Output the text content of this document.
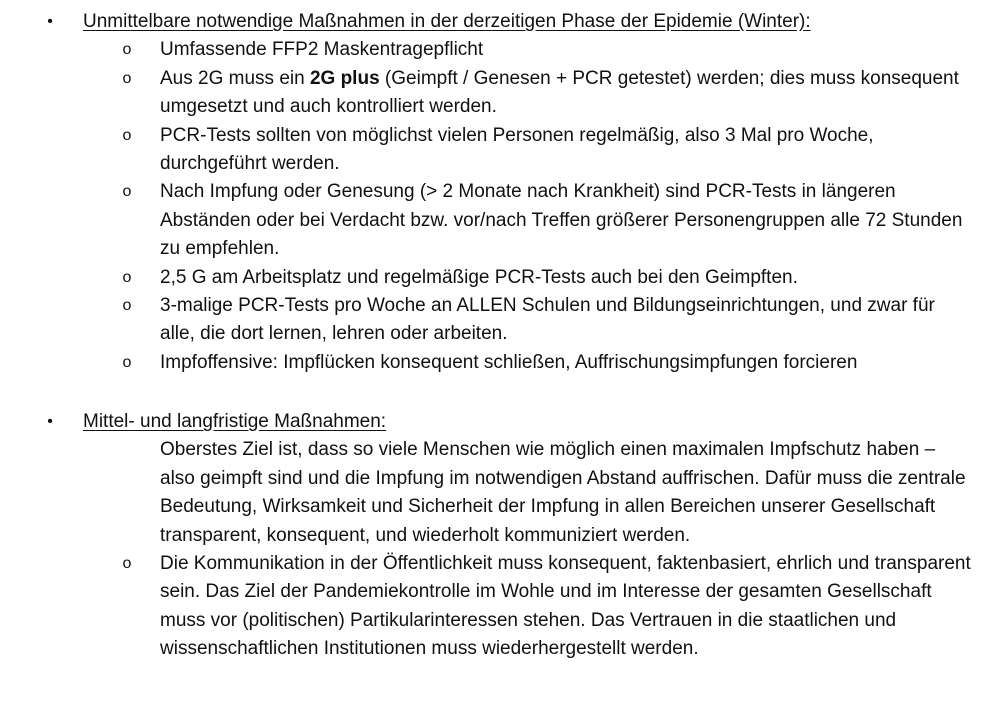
• Unmittelbare notwendige Maßnahmen in der derzeitigen Phase der Epidemie (Winter):
o Umfassende FFP2 Maskentragepflicht
o Aus 2G muss ein 2G plus (Geimpft / Genesen + PCR getestet) werden; dies muss konsequent umgesetzt und auch kontrolliert werden.
o PCR-Tests sollten von möglichst vielen Personen regelmäßig, also 3 Mal pro Woche, durchgeführt werden.
o Nach Impfung oder Genesung (> 2 Monate nach Krankheit) sind PCR-Tests in längeren Abständen oder bei Verdacht bzw. vor/nach Treffen größerer Personengruppen alle 72 Stunden zu empfehlen.
o 2,5 G am Arbeitsplatz und regelmäßige PCR-Tests auch bei den Geimpften.
o 3-malige PCR-Tests pro Woche an ALLEN Schulen und Bildungseinrichtungen, und zwar für alle, die dort lernen, lehren oder arbeiten.
o Impfoffensive: Impflücken konsequent schließen, Auffrischungsimpfungen forcieren
• Mittel- und langfristige Maßnahmen:
Oberstes Ziel ist, dass so viele Menschen wie möglich einen maximalen Impfschutz haben – also geimpft sind und die Impfung im notwendigen Abstand auffrischen. Dafür muss die zentrale Bedeutung, Wirksamkeit und Sicherheit der Impfung in allen Bereichen unserer Gesellschaft transparent, konsequent, und wiederholt kommuniziert werden.
o Die Kommunikation in der Öffentlichkeit muss konsequent, faktenbasiert, ehrlich und transparent sein. Das Ziel der Pandemiekontrolle im Wohle und im Interesse der gesamten Gesellschaft muss vor (politischen) Partikularinteressen stehen. Das Vertrauen in die staatlichen und wissenschaftlichen Institutionen muss wiederhergestellt werden.
